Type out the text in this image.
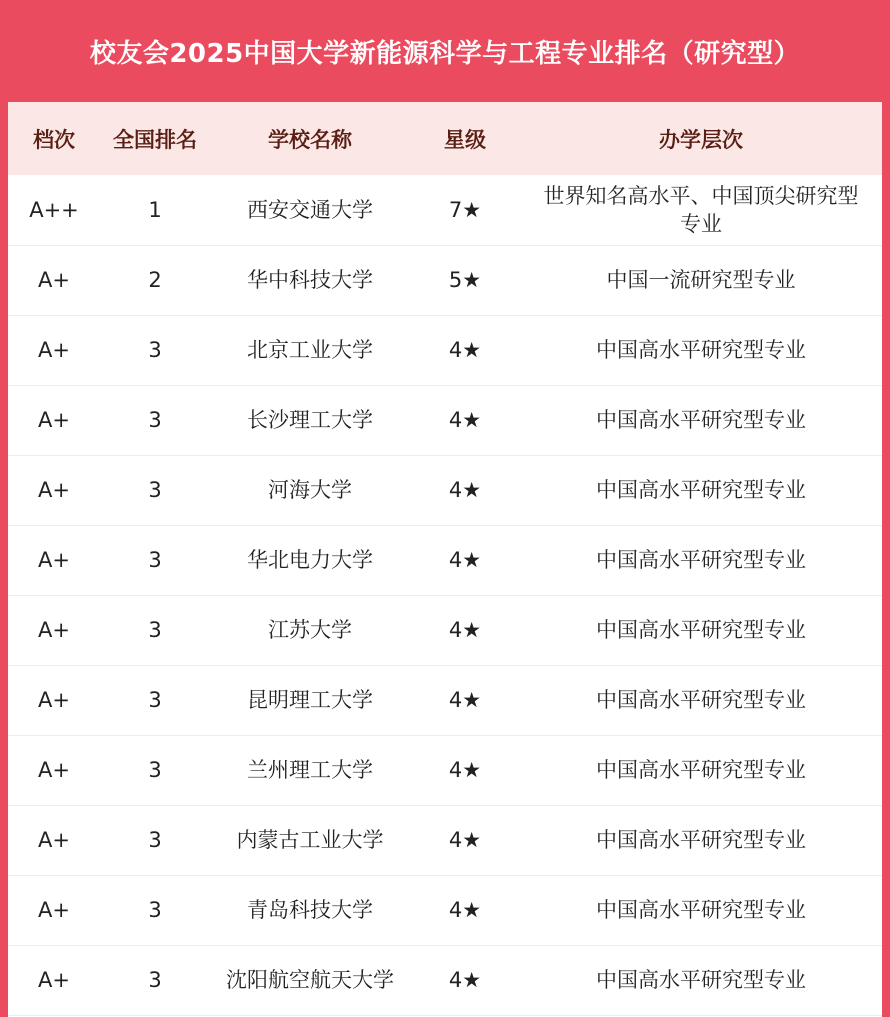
校友会2025中国大学新能源科学与工程专业排名（研究型）
档次	全国排名	学校名称	星级	办学层次
A++	1	西安交通大学	7★	世界知名高水平、中国顶尖研究型专业
A+	2	华中科技大学	5★	中国一流研究型专业
A+	3	北京工业大学	4★	中国高水平研究型专业
A+	3	长沙理工大学	4★	中国高水平研究型专业
A+	3	河海大学	4★	中国高水平研究型专业
A+	3	华北电力大学	4★	中国高水平研究型专业
A+	3	江苏大学	4★	中国高水平研究型专业
A+	3	昆明理工大学	4★	中国高水平研究型专业
A+	3	兰州理工大学	4★	中国高水平研究型专业
A+	3	内蒙古工业大学	4★	中国高水平研究型专业
A+	3	青岛科技大学	4★	中国高水平研究型专业
A+	3	沈阳航空航天大学	4★	中国高水平研究型专业
